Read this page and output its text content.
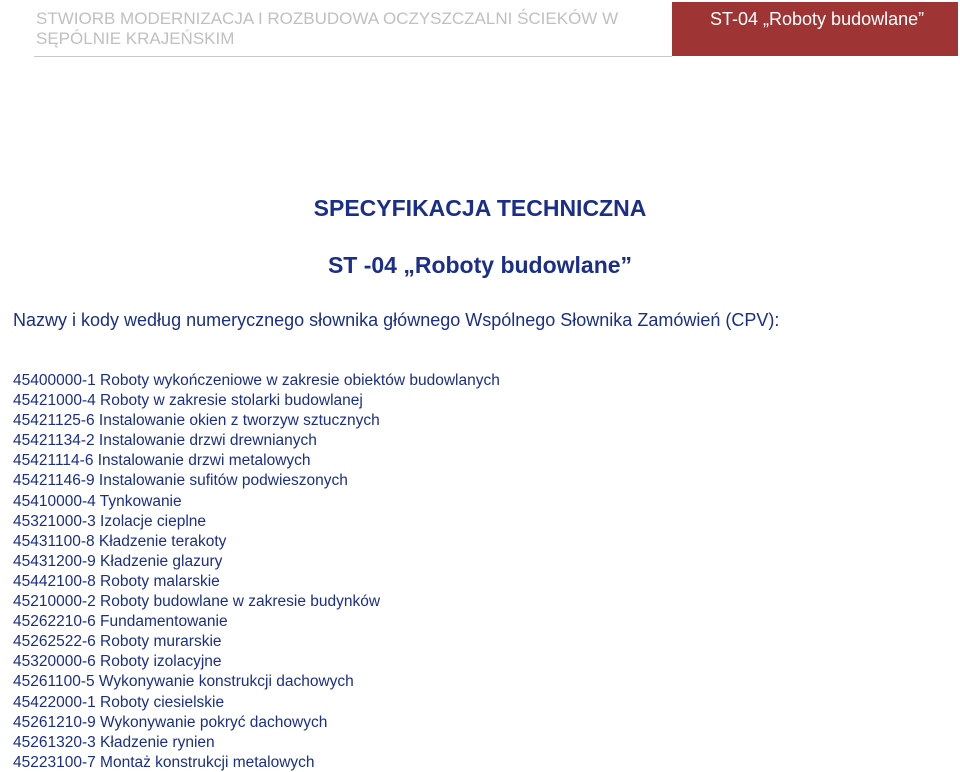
STWIORB MODERNIZACJA I ROZBUDOWA OCZYSZCZALNI ŚCIEKÓW W SĘPÓLNIE KRAJEŃSKIM
ST-04 „Roboty budowlane”
SPECYFIKACJA TECHNICZNA
ST -04 „Roboty budowlane”
Nazwy i kody według numerycznego słownika głównego Wspólnego Słownika Zamówień (CPV):
45400000-1 Roboty wykończeniowe w zakresie obiektów budowlanych
45421000-4 Roboty w zakresie stolarki budowlanej
45421125-6 Instalowanie okien z tworzyw sztucznych
45421134-2 Instalowanie drzwi drewnianych
45421114-6 Instalowanie drzwi metalowych
45421146-9 Instalowanie sufitów podwieszonych
45410000-4 Tynkowanie
45321000-3 Izolacje cieplne
45431100-8 Kładzenie terakoty
45431200-9 Kładzenie glazury
45442100-8 Roboty malarskie
45210000-2 Roboty budowlane w zakresie budynków
45262210-6 Fundamentowanie
45262522-6 Roboty murarskie
45320000-6 Roboty izolacyjne
45261100-5 Wykonywanie konstrukcji dachowych
45422000-1 Roboty ciesielskie
45261210-9 Wykonywanie pokryć dachowych
45261320-3 Kładzenie rynien
45223100-7 Montaż konstrukcji metalowych
